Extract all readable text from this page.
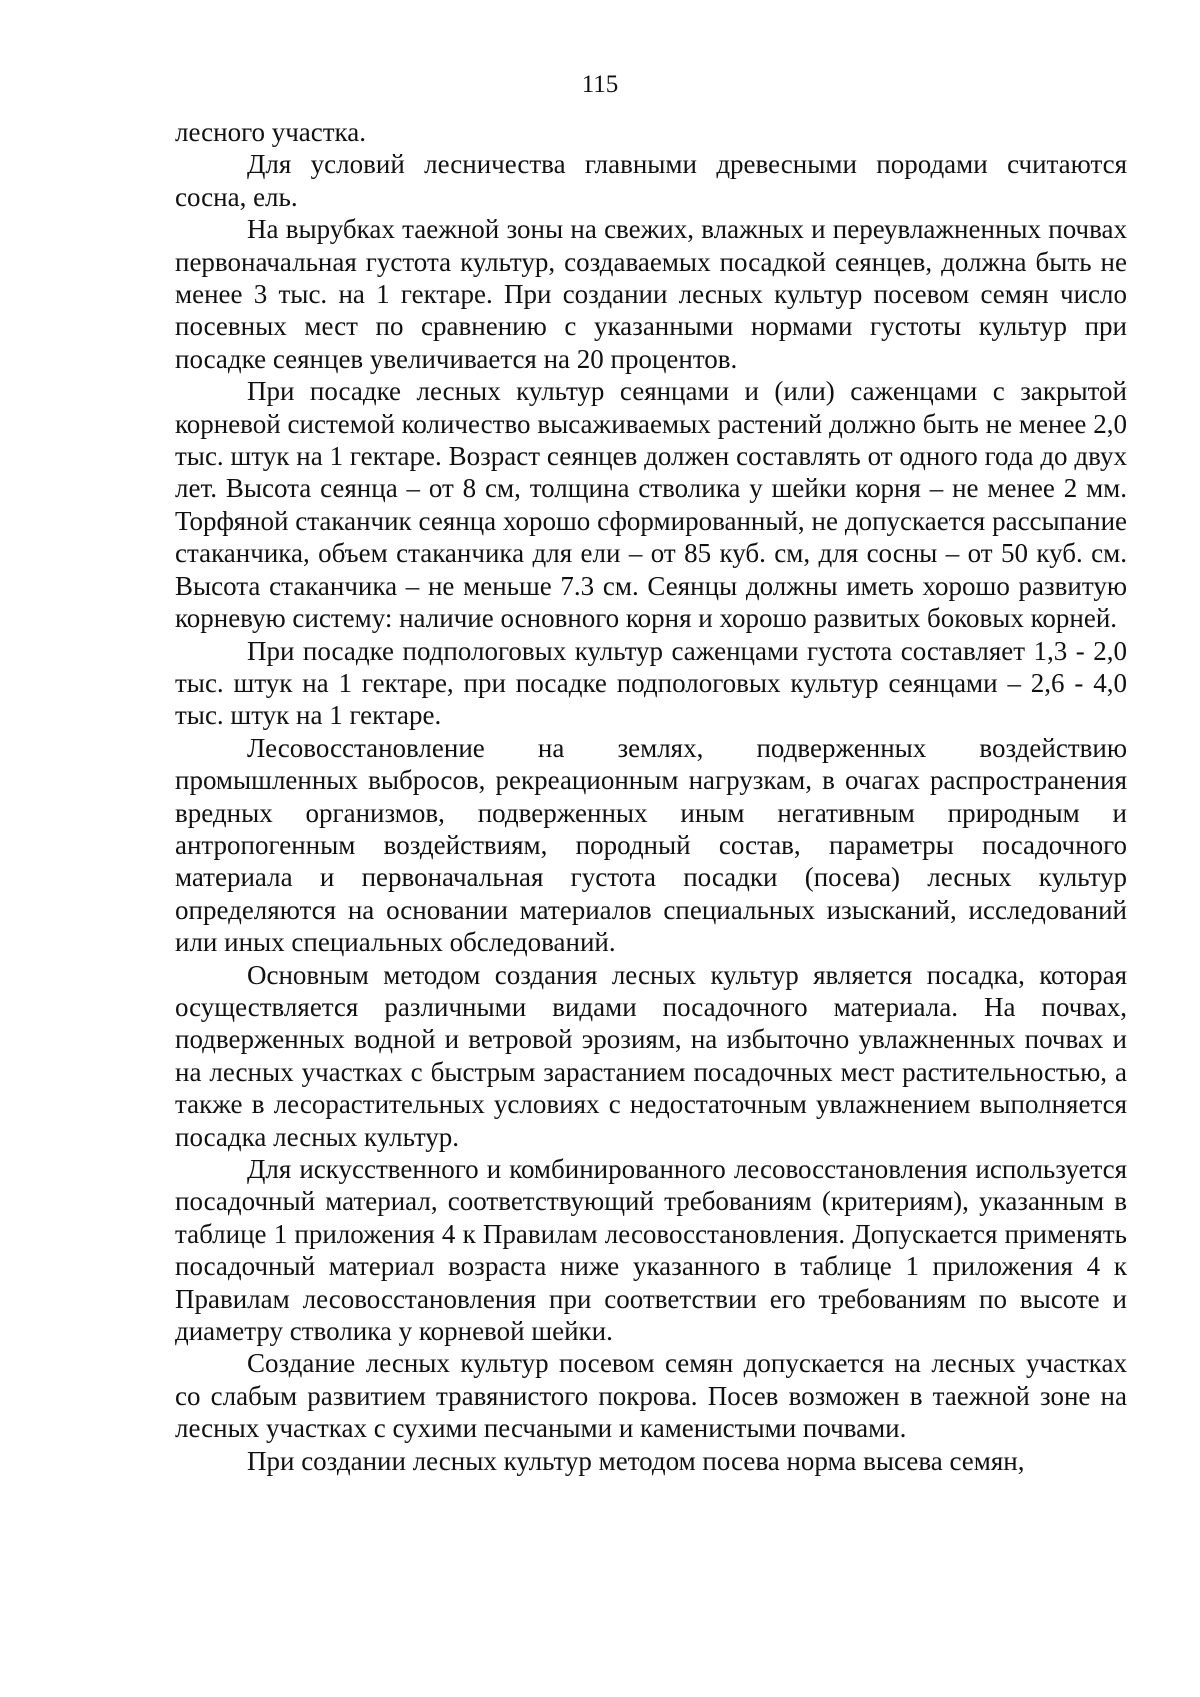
115

лесного участка.

Для условий лесничества главными древесными породами считаются сосна, ель.

На вырубках таежной зоны на свежих, влажных и переувлажненных почвах первоначальная густота культур, создаваемых посадкой сеянцев, должна быть не менее 3 тыс. на 1 гектаре. При создании лесных культур посевом семян число посевных мест по сравнению с указанными нормами густоты культур при посадке сеянцев увеличивается на 20 процентов.

При посадке лесных культур сеянцами и (или) саженцами с закрытой корневой системой количество высаживаемых растений должно быть не менее 2,0 тыс. штук на 1 гектаре. Возраст сеянцев должен составлять от одного года до двух лет. Высота сеянца – от 8 см, толщина стволика у шейки корня – не менее 2 мм. Торфяной стаканчик сеянца хорошо сформированный, не допускается рассыпание стаканчика, объем стаканчика для ели – от 85 куб. см, для сосны – от 50 куб. см. Высота стаканчика – не меньше 7.3 см. Сеянцы должны иметь хорошо развитую корневую систему: наличие основного корня и хорошо развитых боковых корней.

При посадке подпологовых культур саженцами густота составляет 1,3 - 2,0 тыс. штук на 1 гектаре, при посадке подпологовых культур сеянцами – 2,6 - 4,0 тыс. штук на 1 гектаре.

Лесовосстановление на землях, подверженных воздействию промышленных выбросов, рекреационным нагрузкам, в очагах распространения вредных организмов, подверженных иным негативным природным и антропогенным воздействиям, породный состав, параметры посадочного материала и первоначальная густота посадки (посева) лесных культур определяются на основании материалов специальных изысканий, исследований или иных специальных обследований.

Основным методом создания лесных культур является посадка, которая осуществляется различными видами посадочного материала. На почвах, подверженных водной и ветровой эрозиям, на избыточно увлажненных почвах и на лесных участках с быстрым зарастанием посадочных мест растительностью, а также в лесорастительных условиях с недостаточным увлажнением выполняется посадка лесных культур.

Для искусственного и комбинированного лесовосстановления используется посадочный материал, соответствующий требованиям (критериям), указанным в таблице 1 приложения 4 к Правилам лесовосстановления. Допускается применять посадочный материал возраста ниже указанного в таблице 1 приложения 4 к Правилам лесовосстановления при соответствии его требованиям по высоте и диаметру стволика у корневой шейки.

Создание лесных культур посевом семян допускается на лесных участках со слабым развитием травянистого покрова. Посев возможен в таежной зоне на лесных участках с сухими песчаными и каменистыми почвами.

При создании лесных культур методом посева норма высева семян,
